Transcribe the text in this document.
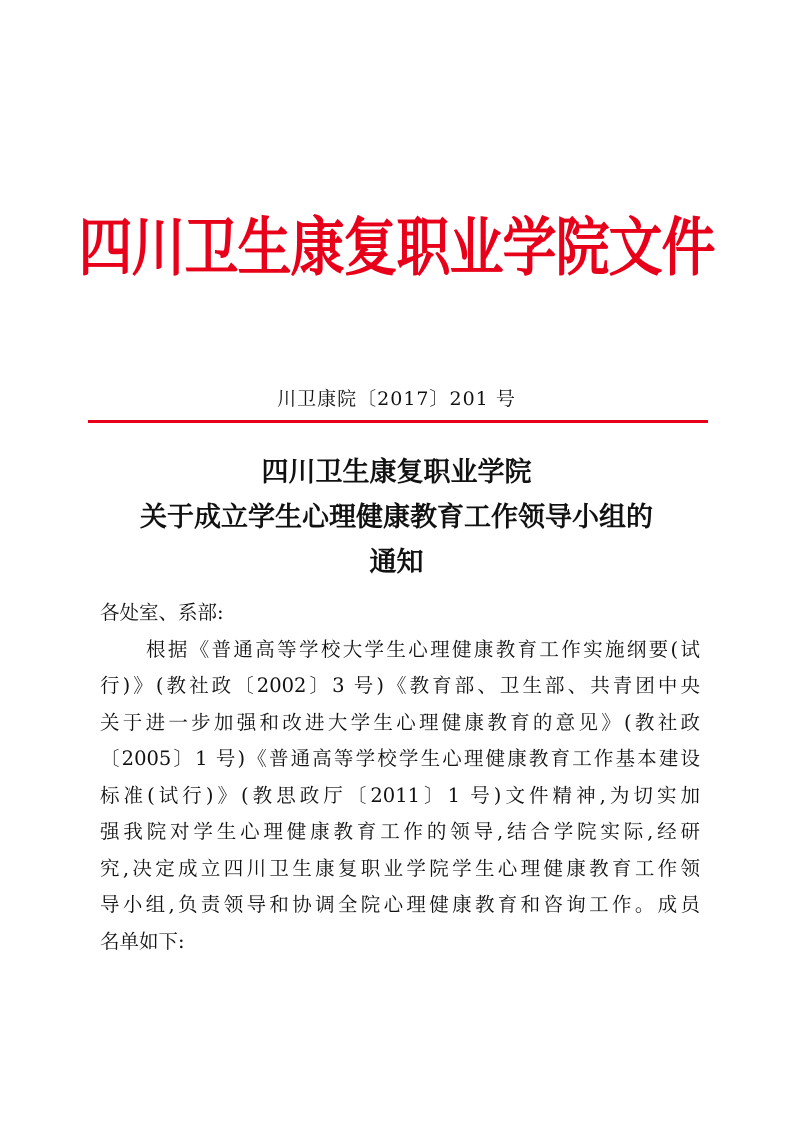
四川卫生康复职业学院文件
川卫康院〔2017〕201 号
四川卫生康复职业学院
关于成立学生心理健康教育工作领导小组的
通知
各处室、系部:
根据《普通高等学校大学生心理健康教育工作实施纲要(试
行)》(教社政〔2002〕3 号)《教育部、卫生部、共青团中央
关于进一步加强和改进大学生心理健康教育的意见》(教社政
〔2005〕1 号)《普通高等学校学生心理健康教育工作基本建设
标准(试行)》(教思政厅〔2011〕1 号)文件精神,为切实加
强我院对学生心理健康教育工作的领导,结合学院实际,经研
究,决定成立四川卫生康复职业学院学生心理健康教育工作领
导小组,负责领导和协调全院心理健康教育和咨询工作。成员
名单如下:
